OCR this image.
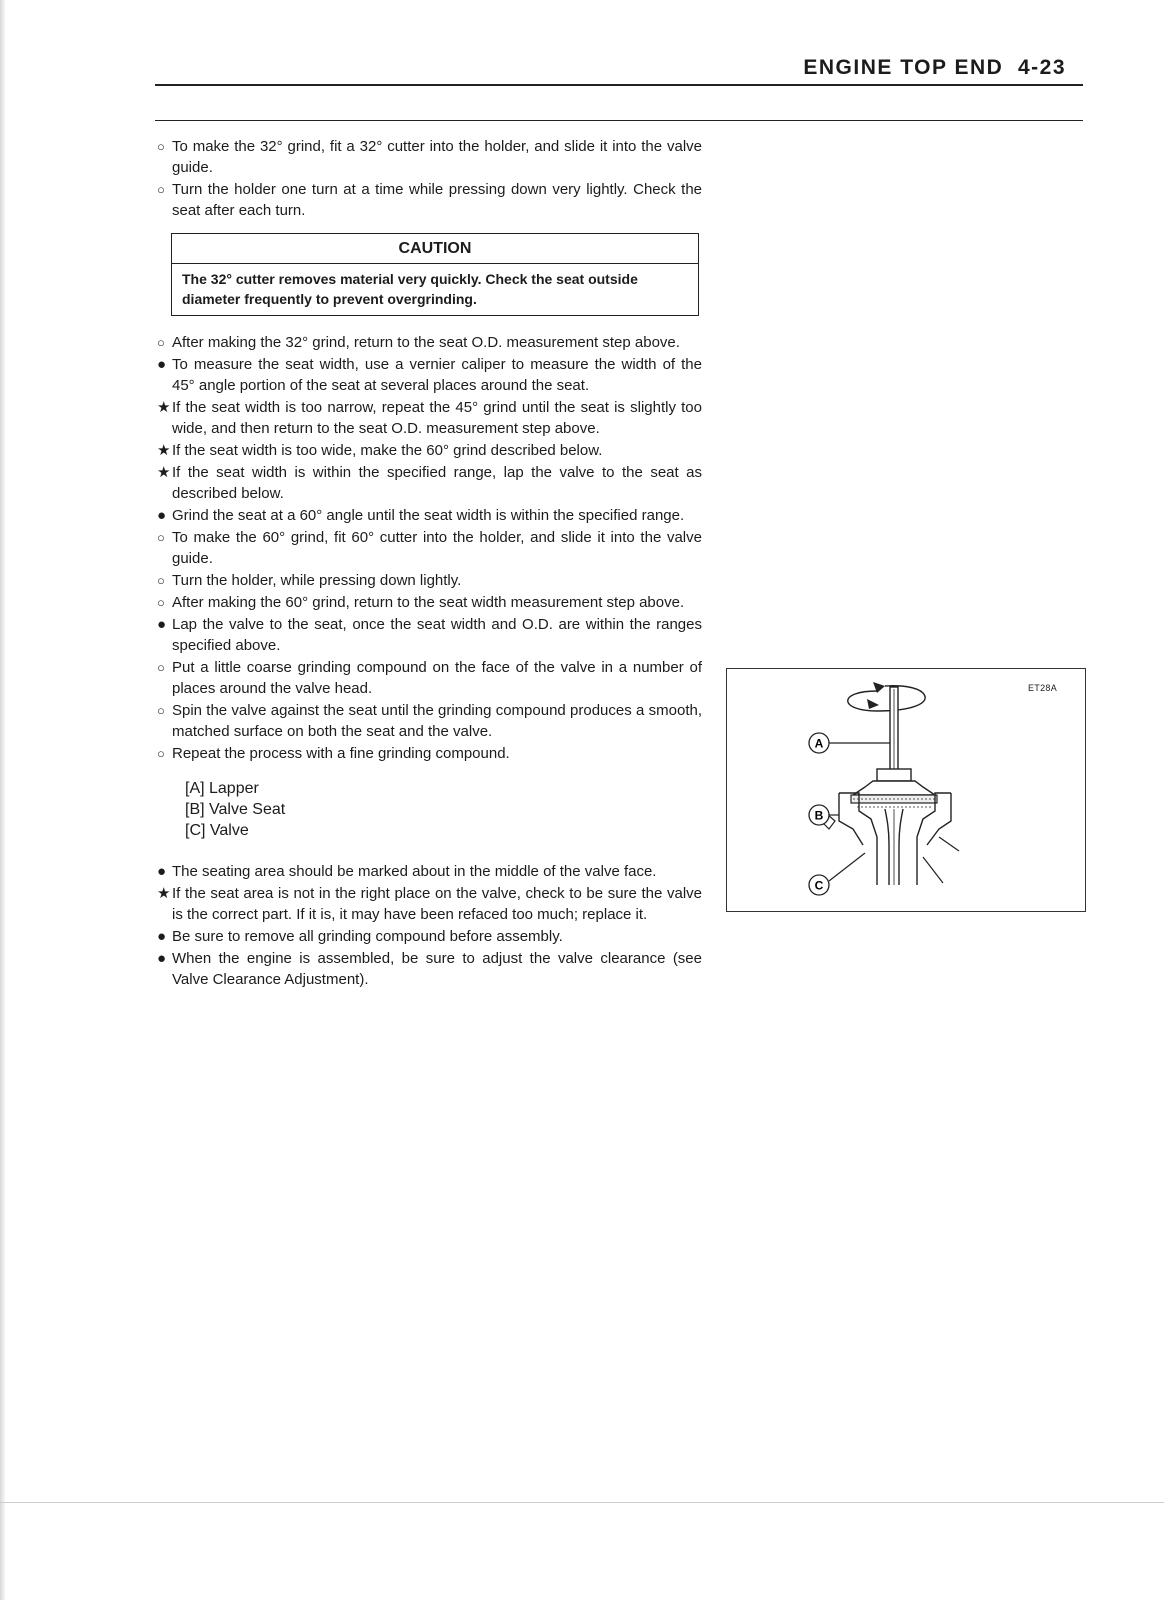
ENGINE TOP END 4-23
○ To make the 32° grind, fit a 32° cutter into the holder, and slide it into the valve guide.
○ Turn the holder one turn at a time while pressing down very lightly. Check the seat after each turn.
CAUTION
The 32° cutter removes material very quickly. Check the seat outside diameter frequently to prevent overgrinding.
○ After making the 32° grind, return to the seat O.D. measurement step above.
● To measure the seat width, use a vernier caliper to measure the width of the 45° angle portion of the seat at several places around the seat.
★ If the seat width is too narrow, repeat the 45° grind until the seat is slightly too wide, and then return to the seat O.D. measurement step above.
★ If the seat width is too wide, make the 60° grind described below.
★ If the seat width is within the specified range, lap the valve to the seat as described below.
● Grind the seat at a 60° angle until the seat width is within the specified range.
○ To make the 60° grind, fit 60° cutter into the holder, and slide it into the valve guide.
○ Turn the holder, while pressing down lightly.
○ After making the 60° grind, return to the seat width measurement step above.
● Lap the valve to the seat, once the seat width and O.D. are within the ranges specified above.
○ Put a little coarse grinding compound on the face of the valve in a number of places around the valve head.
○ Spin the valve against the seat until the grinding compound produces a smooth, matched surface on both the seat and the valve.
○ Repeat the process with a fine grinding compound.
[A] Lapper
[B] Valve Seat
[C] Valve
● The seating area should be marked about in the middle of the valve face.
★ If the seat area is not in the right place on the valve, check to be sure the valve is the correct part. If it is, it may have been refaced too much; replace it.
● Be sure to remove all grinding compound before assembly.
● When the engine is assembled, be sure to adjust the valve clearance (see Valve Clearance Adjustment).
ET28A
A
B
C
